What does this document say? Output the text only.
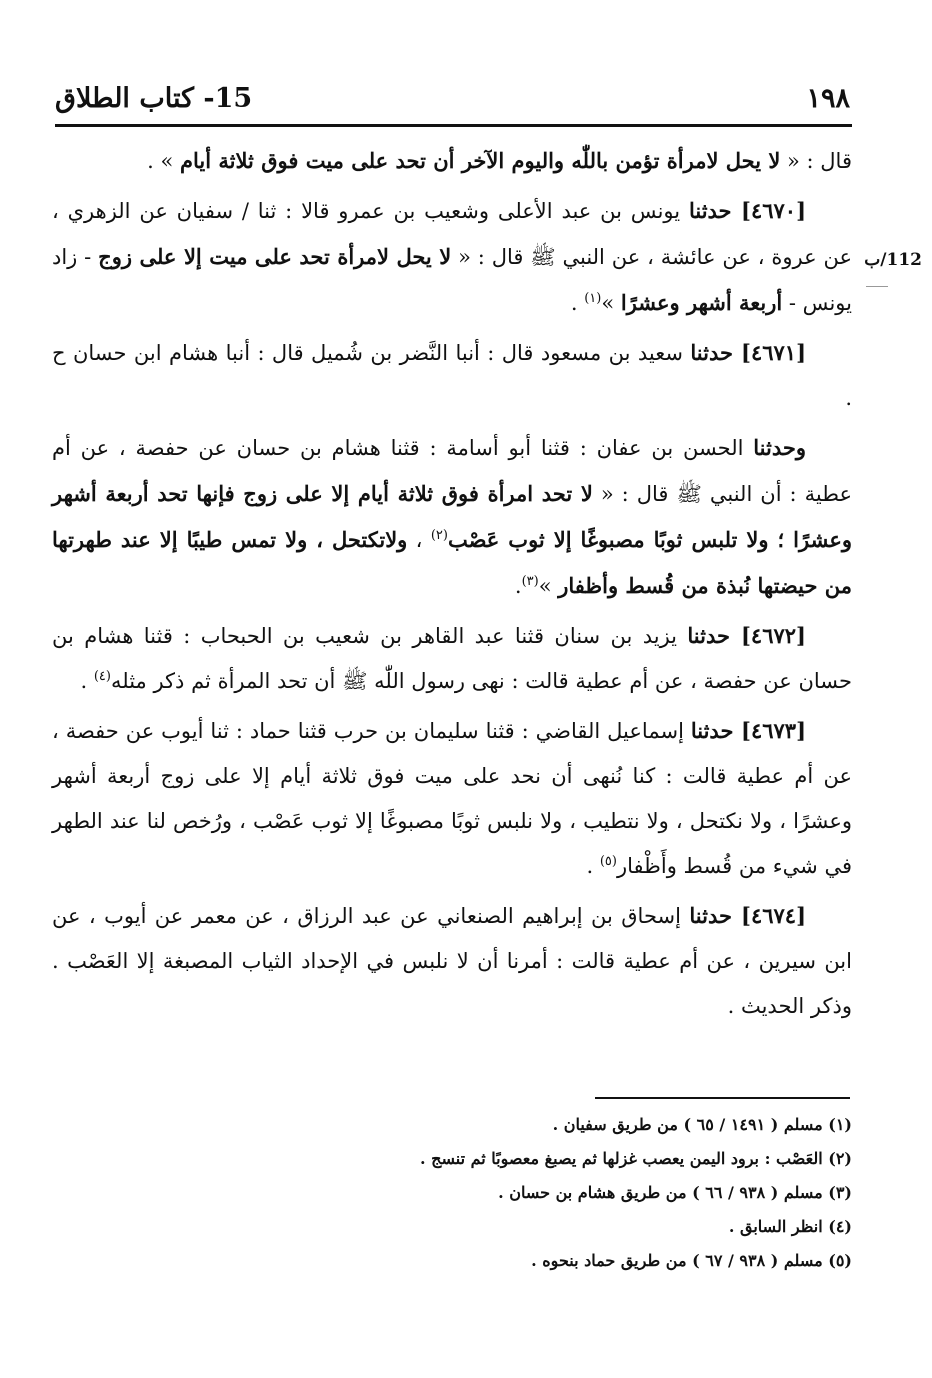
١٩٨
15- كتاب الطلاق
112/ب

قال : « لا يحل لامرأة تؤمن باللّٰه واليوم الآخر أن تحد على ميت فوق ثلاثة أيام » .

[٤٦٧٠] حدثنا يونس بن عبد الأعلى وشعيب بن عمرو قالا : ثنا / سفيان عن الزهري ، عن عروة ، عن عائشة ، عن النبي ﷺ قال : « لا يحل لامرأة تحد على ميت إلا على زوج - زاد يونس - أربعة أشهر وعشرًا »$^{(١)}$ .

[٤٦٧١] حدثنا سعيد بن مسعود قال : أنبا النَّضر بن شُميل قال : أنبا هشام ابن حسان ح .

وحدثنا الحسن بن عفان : قثنا أبو أسامة : قثنا هشام بن حسان عن حفصة ، عن أم عطية : أن النبي ﷺ قال : « لا تحد امرأة فوق ثلاثة أيام إلا على زوج فإنها تحد أربعة أشهر وعشرًا ؛ ولا تلبس ثوبًا مصبوغًا إلا ثوب عَصْب$^{(٢)}$ ، ولاتكتحل ، ولا تمس طيبًا إلا عند طهرتها من حيضتها نُبذة من قُسط وأظفار »$^{(٣)}$.

[٤٦٧٢] حدثنا يزيد بن سنان قثنا عبد القاهر بن شعيب بن الحبحاب : قثنا هشام بن حسان عن حفصة ، عن أم عطية قالت : نهى رسول اللّٰه ﷺ أن تحد المرأة ثم ذكر مثله$^{(٤)}$ .

[٤٦٧٣] حدثنا إسماعيل القاضي : قثنا سليمان بن حرب قثنا حماد : ثنا أيوب عن حفصة ، عن أم عطية قالت : كنا نُنهى أن نحد على ميت فوق ثلاثة أيام إلا على زوج أربعة أشهر وعشرًا ، ولا نكتحل ، ولا نتطيب ، ولا نلبس ثوبًا مصبوغًا إلا ثوب عَصْب ، ورُخص لنا عند الطهر في شيء من قُسط وأَظْفار$^{(٥)}$ .

[٤٦٧٤] حدثنا إسحاق بن إبراهيم الصنعاني عن عبد الرزاق ، عن معمر عن أيوب ، عن ابن سيرين ، عن أم عطية قالت : أمرنا أن لا نلبس في الإحداد الثياب المصبغة إلا العَصْب . وذكر الحديث .

(١) مسلم ( ١٤٩١ / ٦٥ ) من طريق سفيان .
(٢) العَصْب : برود اليمن يعصب غزلها ثم يصبغ معصوبًا ثم تنسج .
(٣) مسلم ( ٩٣٨ / ٦٦ ) من طريق هشام بن حسان .
(٤) انظر السابق .
(٥) مسلم ( ٩٣٨ / ٦٧ ) من طريق حماد بنحوه .
